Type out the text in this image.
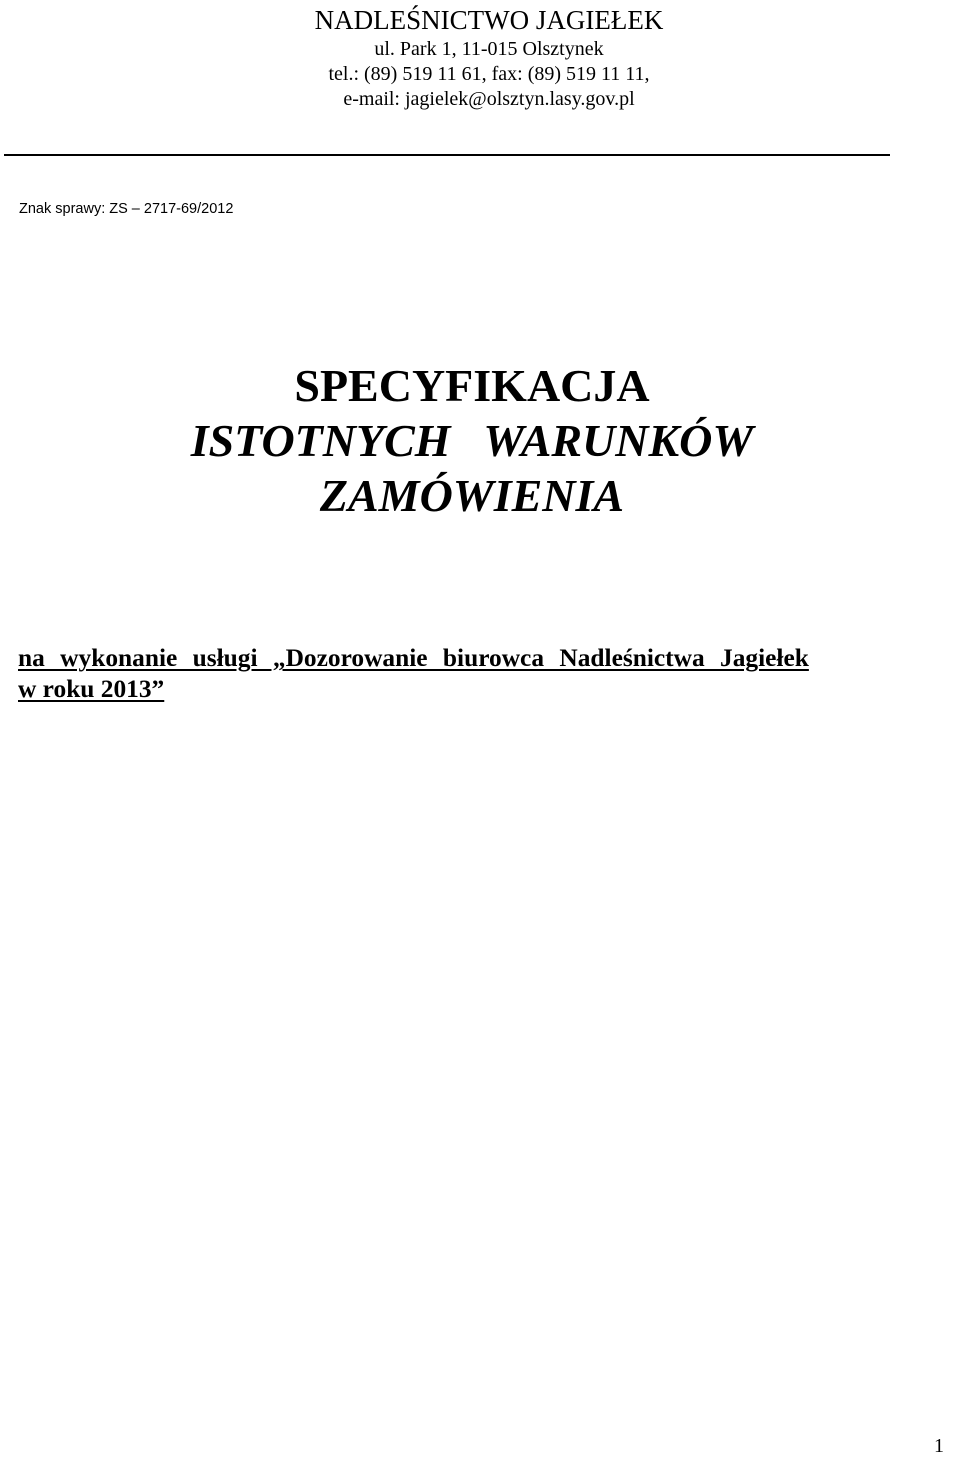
NADLEŚNICTWO JAGIEŁEK
ul. Park 1, 11-015 Olsztynek
tel.: (89) 519 11 61, fax: (89) 519 11 11,
e-mail: jagielek@olsztyn.lasy.gov.pl
Znak sprawy: ZS – 2717-69/2012
SPECYFIKACJA
ISTOTNYCH WARUNKÓW
ZAMÓWIENIA
na wykonanie usługi „Dozorowanie biurowca Nadleśnictwa Jagiełek
w roku 2013”
1
